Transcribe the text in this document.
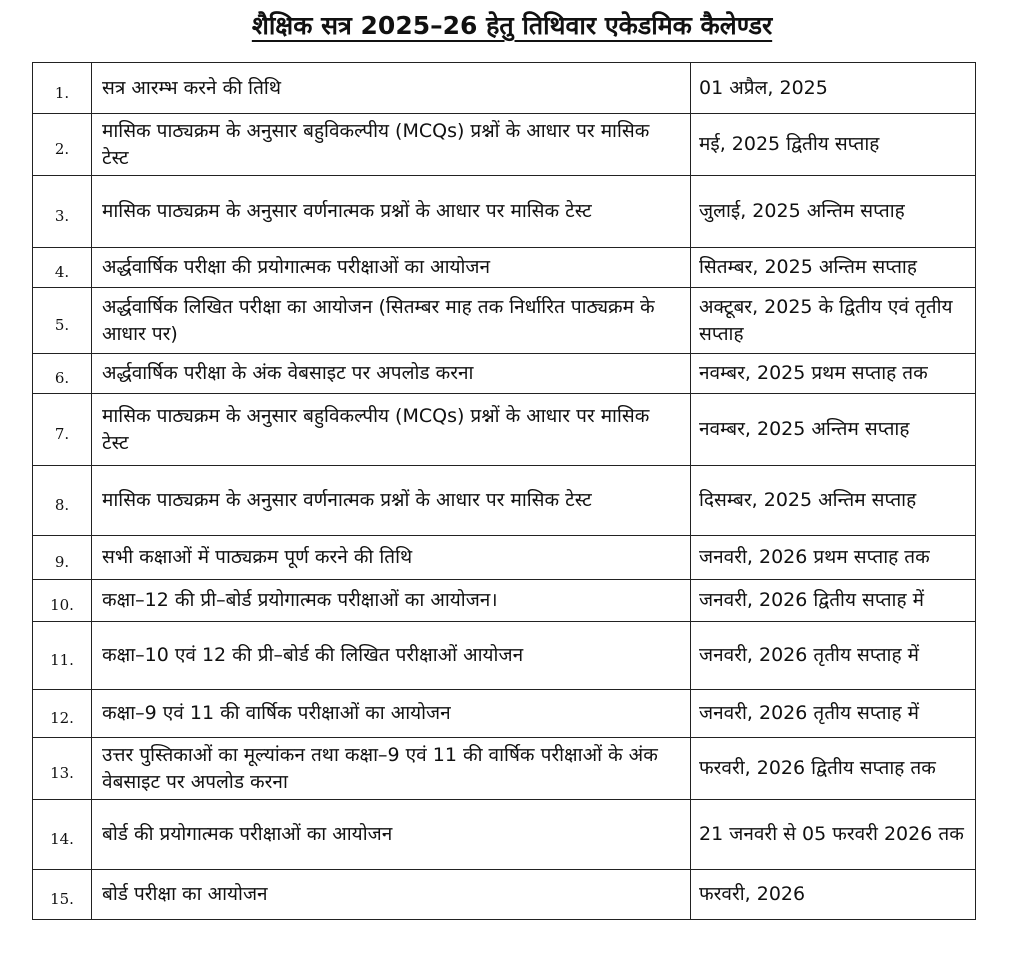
शैक्षिक सत्र 2025–26 हेतु तिथिवार एकेडमिक कैलेण्डर
1.	सत्र आरम्भ करने की तिथि	01 अप्रैल, 2025
2.	मासिक पाठ्यक्रम के अनुसार बहुविकल्पीय (MCQs) प्रश्नों के आधार पर मासिक टेस्ट	मई, 2025 द्वितीय सप्ताह
3.	मासिक पाठ्यक्रम के अनुसार वर्णनात्मक प्रश्नों के आधार पर मासिक टेस्ट	जुलाई, 2025 अन्तिम सप्ताह
4.	अर्द्धवार्षिक परीक्षा की प्रयोगात्मक परीक्षाओं का आयोजन	सितम्बर, 2025 अन्तिम सप्ताह
5.	अर्द्धवार्षिक लिखित परीक्षा का आयोजन (सितम्बर माह तक निर्धारित पाठ्यक्रम के आधार पर)	अक्टूबर, 2025 के द्वितीय एवं तृतीय सप्ताह
6.	अर्द्धवार्षिक परीक्षा के अंक वेबसाइट पर अपलोड करना	नवम्बर, 2025 प्रथम सप्ताह तक
7.	मासिक पाठ्यक्रम के अनुसार बहुविकल्पीय (MCQs) प्रश्नों के आधार पर मासिक टेस्ट	नवम्बर, 2025 अन्तिम सप्ताह
8.	मासिक पाठ्यक्रम के अनुसार वर्णनात्मक प्रश्नों के आधार पर मासिक टेस्ट	दिसम्बर, 2025 अन्तिम सप्ताह
9.	सभी कक्षाओं में पाठ्यक्रम पूर्ण करने की तिथि	जनवरी, 2026 प्रथम सप्ताह तक
10.	कक्षा–12 की प्री–बोर्ड प्रयोगात्मक परीक्षाओं का आयोजन।	जनवरी, 2026 द्वितीय सप्ताह में
11.	कक्षा–10 एवं 12 की प्री–बोर्ड की लिखित परीक्षाओं आयोजन	जनवरी, 2026 तृतीय सप्ताह में
12.	कक्षा–9 एवं 11 की वार्षिक परीक्षाओं का आयोजन	जनवरी, 2026 तृतीय सप्ताह में
13.	उत्तर पुस्तिकाओं का मूल्यांकन तथा कक्षा–9 एवं 11 की वार्षिक परीक्षाओं के अंक वेबसाइट पर अपलोड करना	फरवरी, 2026 द्वितीय सप्ताह तक
14.	बोर्ड की प्रयोगात्मक परीक्षाओं का आयोजन	21 जनवरी से 05 फरवरी 2026 तक
15.	बोर्ड परीक्षा का आयोजन	फरवरी, 2026
